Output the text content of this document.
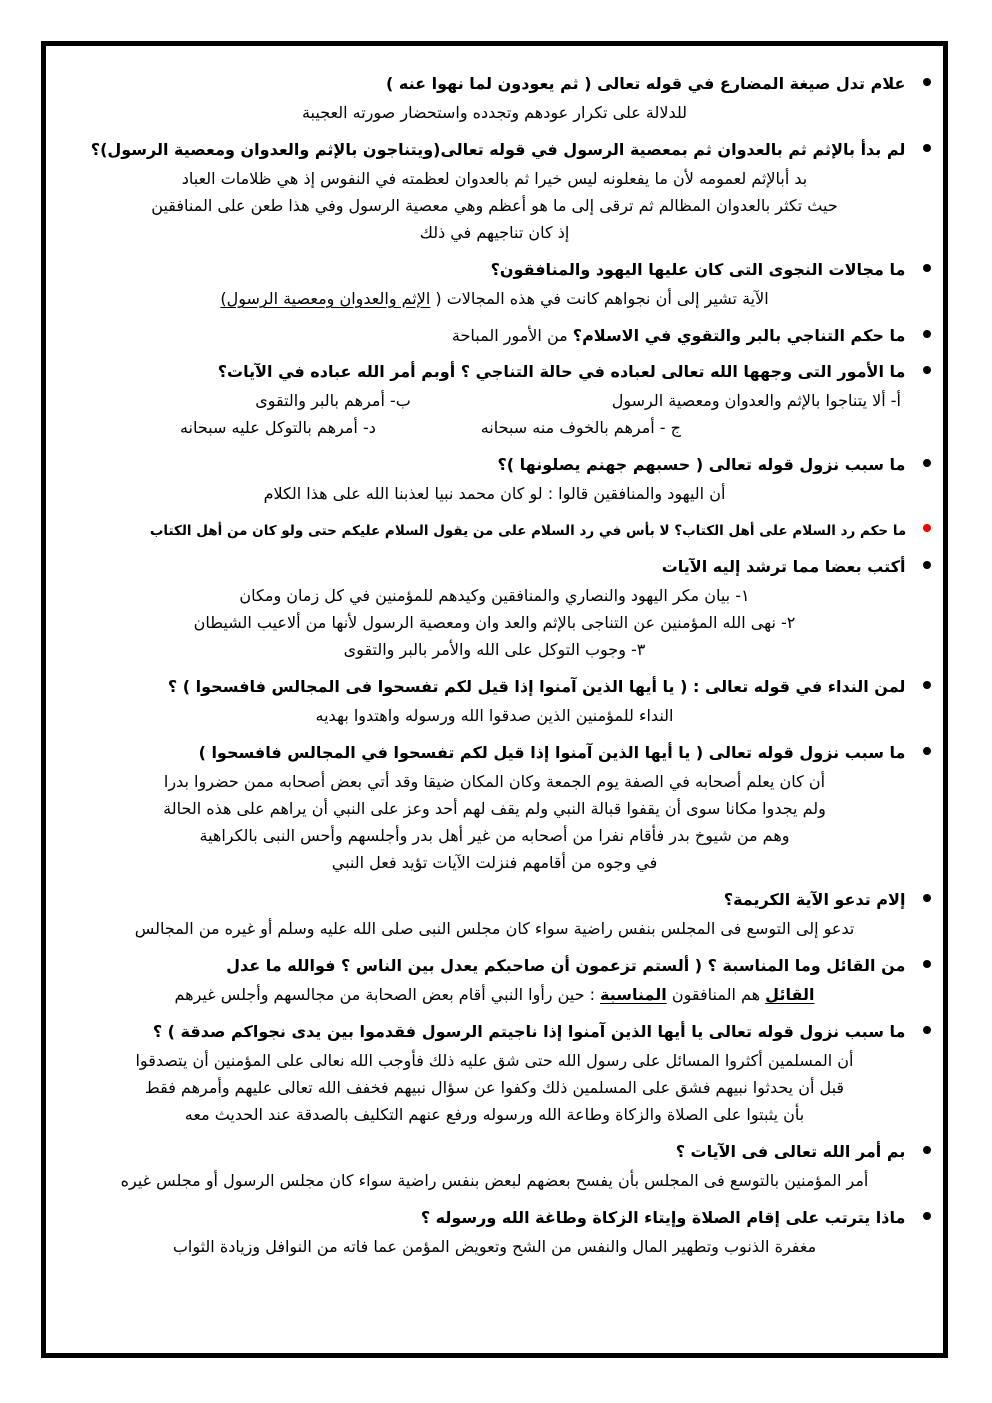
علام تدل صيغة المضارع في قوله تعالى ( ثم يعودون لما نهوا عنه )
للدلالة على تكرار عودهم وتجدده واستحضار صورته العجيبة
لم بدأ بالإثم ثم بالعدوان ثم بمعصية الرسول في قوله تعالى(ويتناجون بالإثم والعدوان ومعصية الرسول)؟
بد أبالإثم لعمومه لأن ما يفعلونه ليس خيرا ثم بالعدوان لعظمته في النفوس إذ هي ظلامات العباد
حيث تكثر بالعدوان المظالم ثم ترقى إلى ما هو أعظم وهي معصية الرسول وفي هذا طعن على المنافقين
إذ كان تناجيهم في ذلك
ما مجالات النجوى التى كان عليها اليهود والمنافقون؟
الآية تشير إلى أن نجواهم كانت في هذه المجالات ( الإثم والعدوان ومعصية الرسول)
ما حكم التناجي بالبر والتقوي في الاسلام؟ من الأمور المباحة
ما الأمور التى وجهها الله تعالى لعباده في حالة التناجي ؟ أوبم أمر الله عباده في الآيات؟
أ- ألا يتناجوا بالإثم والعدوان ومعصية الرسول
ب- أمرهم بالبر والتقوى
ج - أمرهم بالخوف منه سبحانه
د- أمرهم بالتوكل عليه سبحانه
ما سبب نزول قوله تعالى ( حسبهم جهنم يصلونها )؟
أن اليهود والمنافقين قالوا : لو كان محمد نبيا لعذبنا الله على هذا الكلام
ما حكم رد السلام على أهل الكتاب؟ لا بأس في رد السلام على من يقول السلام عليكم حتى ولو كان من أهل الكتاب
أكتب بعضا مما ترشد إليه الآيات
١- بيان مكر اليهود والنصاري والمنافقين وكيدهم للمؤمنين في كل زمان ومكان
٢- نهى الله المؤمنين عن التناجى بالإثم والعد وان ومعصية الرسول لأنها من ألاعيب الشيطان
٣- وجوب التوكل على الله والأمر بالبر والتقوى
لمن النداء في قوله تعالى : ( يا أيها الذين آمنوا إذا قيل لكم تفسحوا فى المجالس فافسحوا ) ؟
النداء للمؤمنين الذين صدقوا الله ورسوله واهتدوا بهديه
ما سبب نزول قوله تعالى ( يا أيها الذين آمنوا إذا قيل لكم تفسحوا في المجالس فافسحوا )
أن كان يعلم أصحابه في الصفة يوم الجمعة وكان المكان ضيقا وقد أتي بعض أصحابه ممن حضروا بدرا
ولم يجدوا مكانا سوى أن يقفوا قبالة النبي ولم يقف لهم أحد وعز على النبي أن يراهم على هذه الحالة
وهم من شيوخ بدر فأقام نفرا من أصحابه من غير أهل بدر وأجلسهم وأحس النبى بالكراهية
في وجوه من أقامهم فنزلت الآيات تؤيد فعل النبي
إلام تدعو الآية الكريمة؟
تدعو إلى التوسع فى المجلس بنفس راضية سواء كان مجلس النبى صلى الله عليه وسلم أو غيره من المجالس
من القائل وما المناسبة ؟ ( ألستم تزعمون أن صاحبكم يعدل بين الناس ؟ فوالله ما عدل
القائل هم المنافقون المناسبة : حين رأوا النبي أقام بعض الصحابة من مجالسهم وأجلس غيرهم
ما سبب نزول قوله تعالى يا أيها الذين آمنوا إذا ناجيتم الرسول فقدموا بين يدى نجواكم صدقة ) ؟
أن المسلمين أكثروا المسائل على رسول الله حتى شق عليه ذلك فأوجب الله نعالى على المؤمنين أن يتصدقوا
قبل أن يحدثوا نبيهم فشق على المسلمين ذلك وكفوا عن سؤال نبيهم فخفف الله تعالى عليهم وأمرهم فقط
بأن يثبتوا على الصلاة والزكاة وطاعة الله ورسوله ورفع عنهم التكليف بالصدقة عند الحديث معه
بم أمر الله تعالى فى الآيات ؟
أمر المؤمنين بالتوسع فى المجلس بأن يفسح بعضهم لبعض بنفس راضية سواء كان مجلس الرسول أو مجلس غيره
ماذا يترتب على إقام الصلاة وإيتاء الزكاة وطاغة الله ورسوله ؟
مغفرة الذنوب وتطهير المال والنفس من الشح وتعويض المؤمن عما فاته من النوافل وزيادة الثواب
